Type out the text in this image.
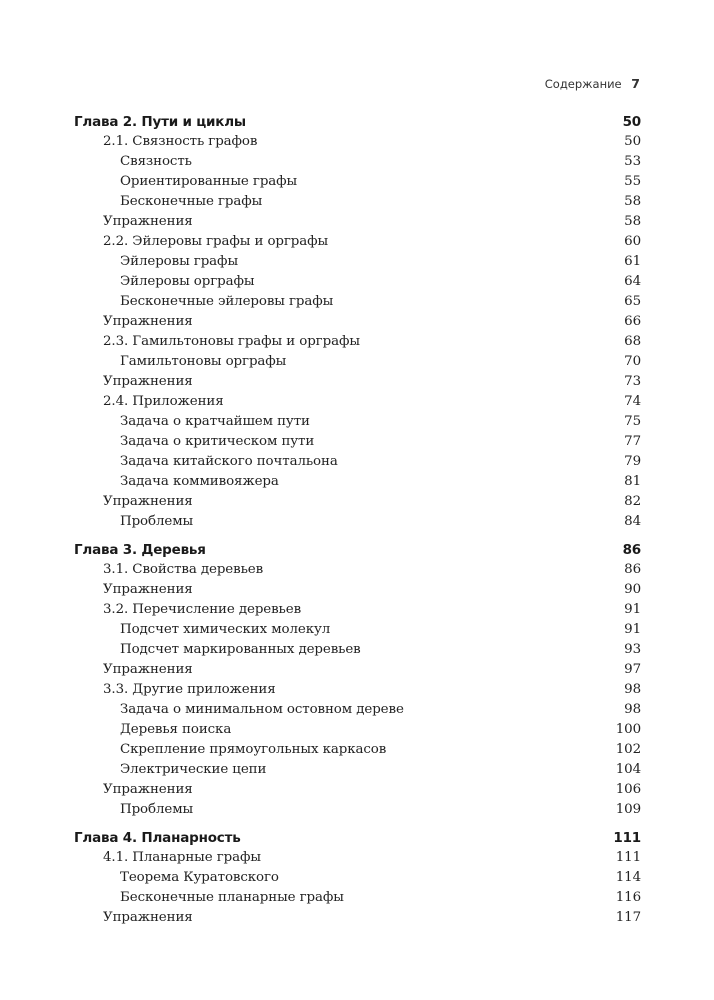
Содержание 7
Глава 2. Пути и циклы	50
2.1. Связность графов	50
Связность	53
Ориентированные графы	55
Бесконечные графы	58
Упражнения	58
2.2. Эйлеровы графы и орграфы	60
Эйлеровы графы	61
Эйлеровы орграфы	64
Бесконечные эйлеровы графы	65
Упражнения	66
2.3. Гамильтоновы графы и орграфы	68
Гамильтоновы орграфы	70
Упражнения	73
2.4. Приложения	74
Задача о кратчайшем пути	75
Задача о критическом пути	77
Задача китайского почтальона	79
Задача коммивояжера	81
Упражнения	82
Проблемы	84
Глава 3. Деревья	86
3.1. Свойства деревьев	86
Упражнения	90
3.2. Перечисление деревьев	91
Подсчет химических молекул	91
Подсчет маркированных деревьев	93
Упражнения	97
3.3. Другие приложения	98
Задача о минимальном остовном дереве	98
Деревья поиска	100
Скрепление прямоугольных каркасов	102
Электрические цепи	104
Упражнения	106
Проблемы	109
Глава 4. Планарность	111
4.1. Планарные графы	111
Теорема Куратовского	114
Бесконечные планарные графы	116
Упражнения	117
